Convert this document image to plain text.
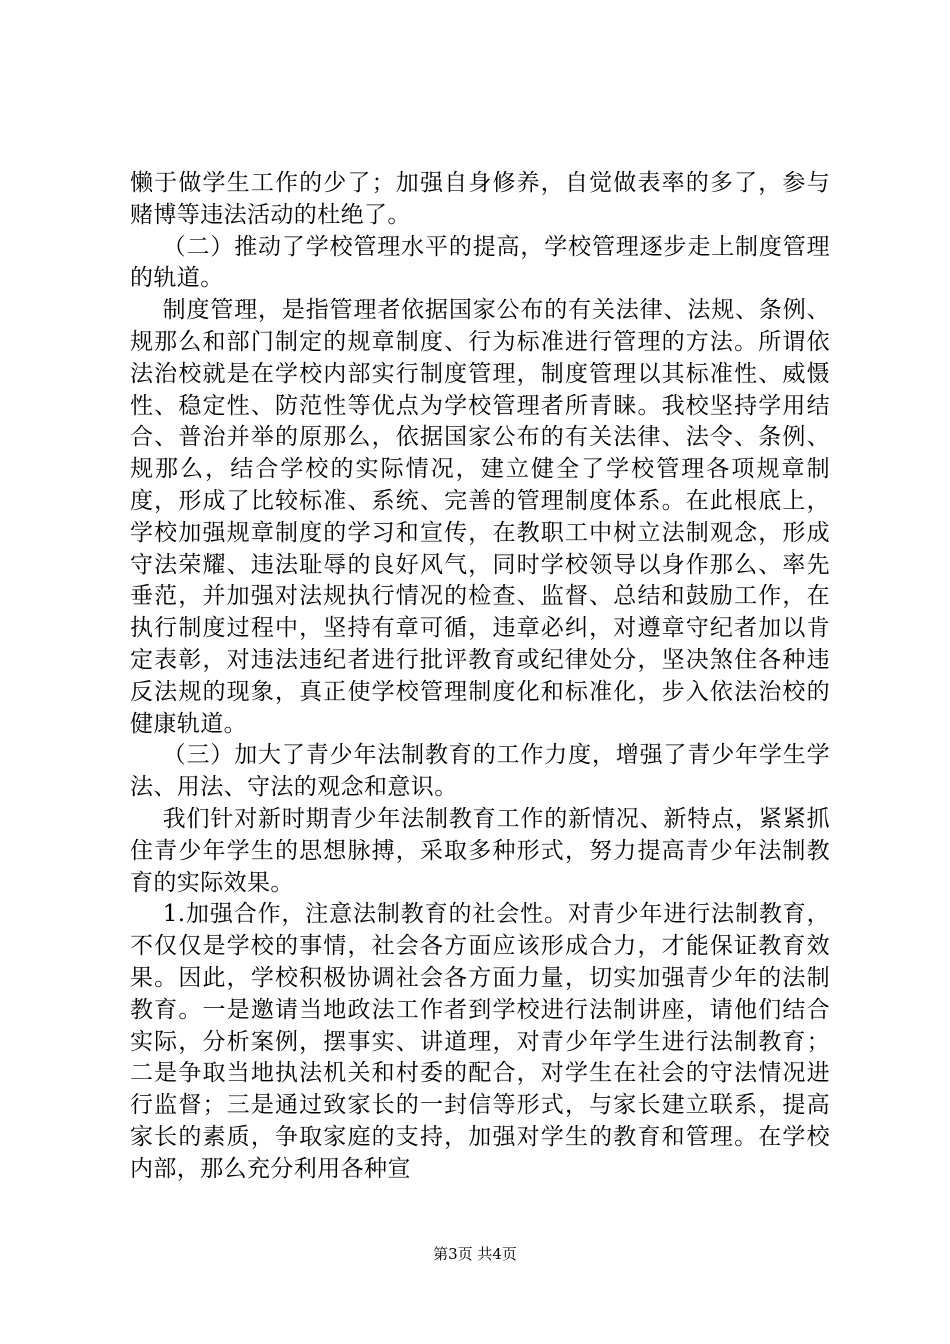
懒于做学生工作的少了；加强自身修养，自觉做表率的多了，参与赌博等违法活动的杜绝了。

（二）推动了学校管理水平的提高，学校管理逐步走上制度管理的轨道。

制度管理，是指管理者依据国家公布的有关法律、法规、条例、规那么和部门制定的规章制度、行为标准进行管理的方法。所谓依法治校就是在学校内部实行制度管理，制度管理以其标准性、威慑性、稳定性、防范性等优点为学校管理者所青睐。我校坚持学用结合、普治并举的原那么，依据国家公布的有关法律、法令、条例、规那么，结合学校的实际情况，建立健全了学校管理各项规章制度，形成了比较标准、系统、完善的管理制度体系。在此根底上，学校加强规章制度的学习和宣传，在教职工中树立法制观念，形成守法荣耀、违法耻辱的良好风气，同时学校领导以身作那么、率先垂范，并加强对法规执行情况的检查、监督、总结和鼓励工作，在执行制度过程中，坚持有章可循，违章必纠，对遵章守纪者加以肯定表彰，对违法违纪者进行批评教育或纪律处分，坚决煞住各种违反法规的现象，真正使学校管理制度化和标准化，步入依法治校的健康轨道。

（三）加大了青少年法制教育的工作力度，增强了青少年学生学法、用法、守法的观念和意识。

我们针对新时期青少年法制教育工作的新情况、新特点，紧紧抓住青少年学生的思想脉搏，采取多种形式，努力提高青少年法制教育的实际效果。

1.加强合作，注意法制教育的社会性。对青少年进行法制教育，不仅仅是学校的事情，社会各方面应该形成合力，才能保证教育效果。因此，学校积极协调社会各方面力量，切实加强青少年的法制教育。一是邀请当地政法工作者到学校进行法制讲座，请他们结合实际，分析案例，摆事实、讲道理，对青少年学生进行法制教育；二是争取当地执法机关和村委的配合，对学生在社会的守法情况进行监督；三是通过致家长的一封信等形式，与家长建立联系，提高家长的素质，争取家庭的支持，加强对学生的教育和管理。在学校内部，那么充分利用各种宣

第3页 共4页
